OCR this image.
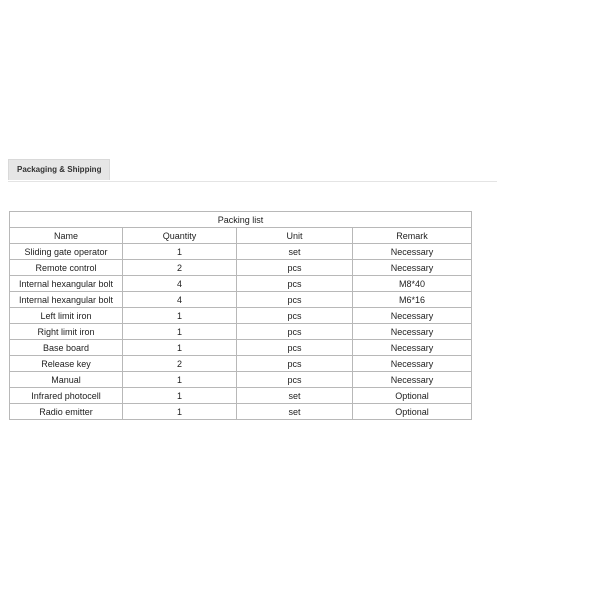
Packaging & Shipping
Packing list			
Name	Quantity	Unit	Remark
Sliding gate operator	1	set	Necessary
Remote control	2	pcs	Necessary
Internal hexangular bolt	4	pcs	M8*40
Internal hexangular bolt	4	pcs	M6*16
Left limit iron	1	pcs	Necessary
Right limit iron	1	pcs	Necessary
Base board	1	pcs	Necessary
Release key	2	pcs	Necessary
Manual	1	pcs	Necessary
Infrared photocell	1	set	Optional
Radio emitter	1	set	Optional
